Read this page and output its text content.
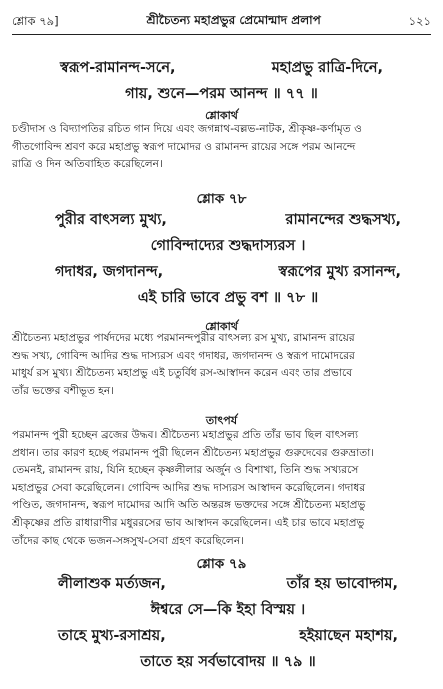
শ্লোক ৭৯]	শ্রীচৈতন্য মহাপ্রভুর প্রেমোন্মাদ প্রলাপ	১২১
স্বরূপ-রামানন্দ-সনে,	মহাপ্রভু রাত্রি-দিনে,
গায়, শুনে—পরম আনন্দ ॥ ৭৭ ॥
শ্লোকার্থ
চণ্ডীদাস ও বিদ্যাপতির রচিত গান দিয়ে এবং জগন্নাথ-বল্লভ-নাটক, শ্রীকৃষ্ণ-কর্ণামৃত ও
গীতগোবিন্দ শ্রবণ করে মহাপ্রভু স্বরূপ দামোদর ও রামানন্দ রায়ের সঙ্গে পরম আনন্দে
রাত্রি ও দিন অতিবাহিত করেছিলেন।
শ্লোক ৭৮
পুরীর বাৎসল্য মুখ্য,	রামানন্দের শুদ্ধসখ্য,
গোবিন্দাদ্যের শুদ্ধদাস্যরস ।
গদাধর, জগদানন্দ,	স্বরূপের মুখ্য রসানন্দ,
এই চারি ভাবে প্রভু বশ ॥ ৭৮ ॥
শ্লোকার্থ
শ্রীচৈতন্য মহাপ্রভুর পার্ষদদের মধ্যে পরমানন্দপুরীর বাৎসল্য রস মুখ্য, রামানন্দ রায়ের
শুদ্ধ সখ্য, গোবিন্দ আদির শুদ্ধ দাস্যরস এবং গদাধর, জগদানন্দ ও স্বরূপ দামোদরের
মাধুর্য রস মুখ্য। শ্রীচৈতন্য মহাপ্রভু এই চতুর্বিধ রস-আস্বাদন করেন এবং তার প্রভাবে
তাঁর ভক্তের বশীভূত হন।
তাৎপর্য
পরমানন্দ পুরী হচ্ছেন ব্রজের উদ্ধব। শ্রীচৈতন্য মহাপ্রভুর প্রতি তাঁর ভাব ছিল বাৎসল্য
প্রধান। তার কারণ হচ্ছে পরমানন্দ পুরী ছিলেন শ্রীচৈতন্য মহাপ্রভুর গুরুদেবের গুরুভ্রাতা।
তেমনই, রামানন্দ রায়, যিনি হচ্ছেন কৃষ্ণলীলার অর্জুন ও বিশাখা, তিনি শুদ্ধ সখ্যরসে
মহাপ্রভুর সেবা করেছিলেন। গোবিন্দ আদির শুদ্ধ দাস্যরস আস্বাদন করেছিলেন। গদাধর
পণ্ডিত, জগদানন্দ, স্বরূপ দামোদর আদি অতি অন্তরঙ্গ ভক্তদের সঙ্গে শ্রীচৈতন্য মহাপ্রভু
শ্রীকৃষ্ণের প্রতি রাধারাণীর মধুররসের ভাব আস্বাদন করেছিলেন। এই চার ভাবে মহাপ্রভু
তাঁদের কাছ থেকে ভজন-সঙ্গসুখ-সেবা গ্রহণ করেছিলেন।
শ্লোক ৭৯
লীলাশুক মর্ত্যজন,	তাঁর হয় ভাবোদ্গম,
ঈশ্বরে সে—কি ইহা বিস্ময় ।
তাহে মুখ্য-রসাশ্রয়,	হইয়াছেন মহাশয়,
তাতে হয় সর্বভাবোদয় ॥ ৭৯ ॥
